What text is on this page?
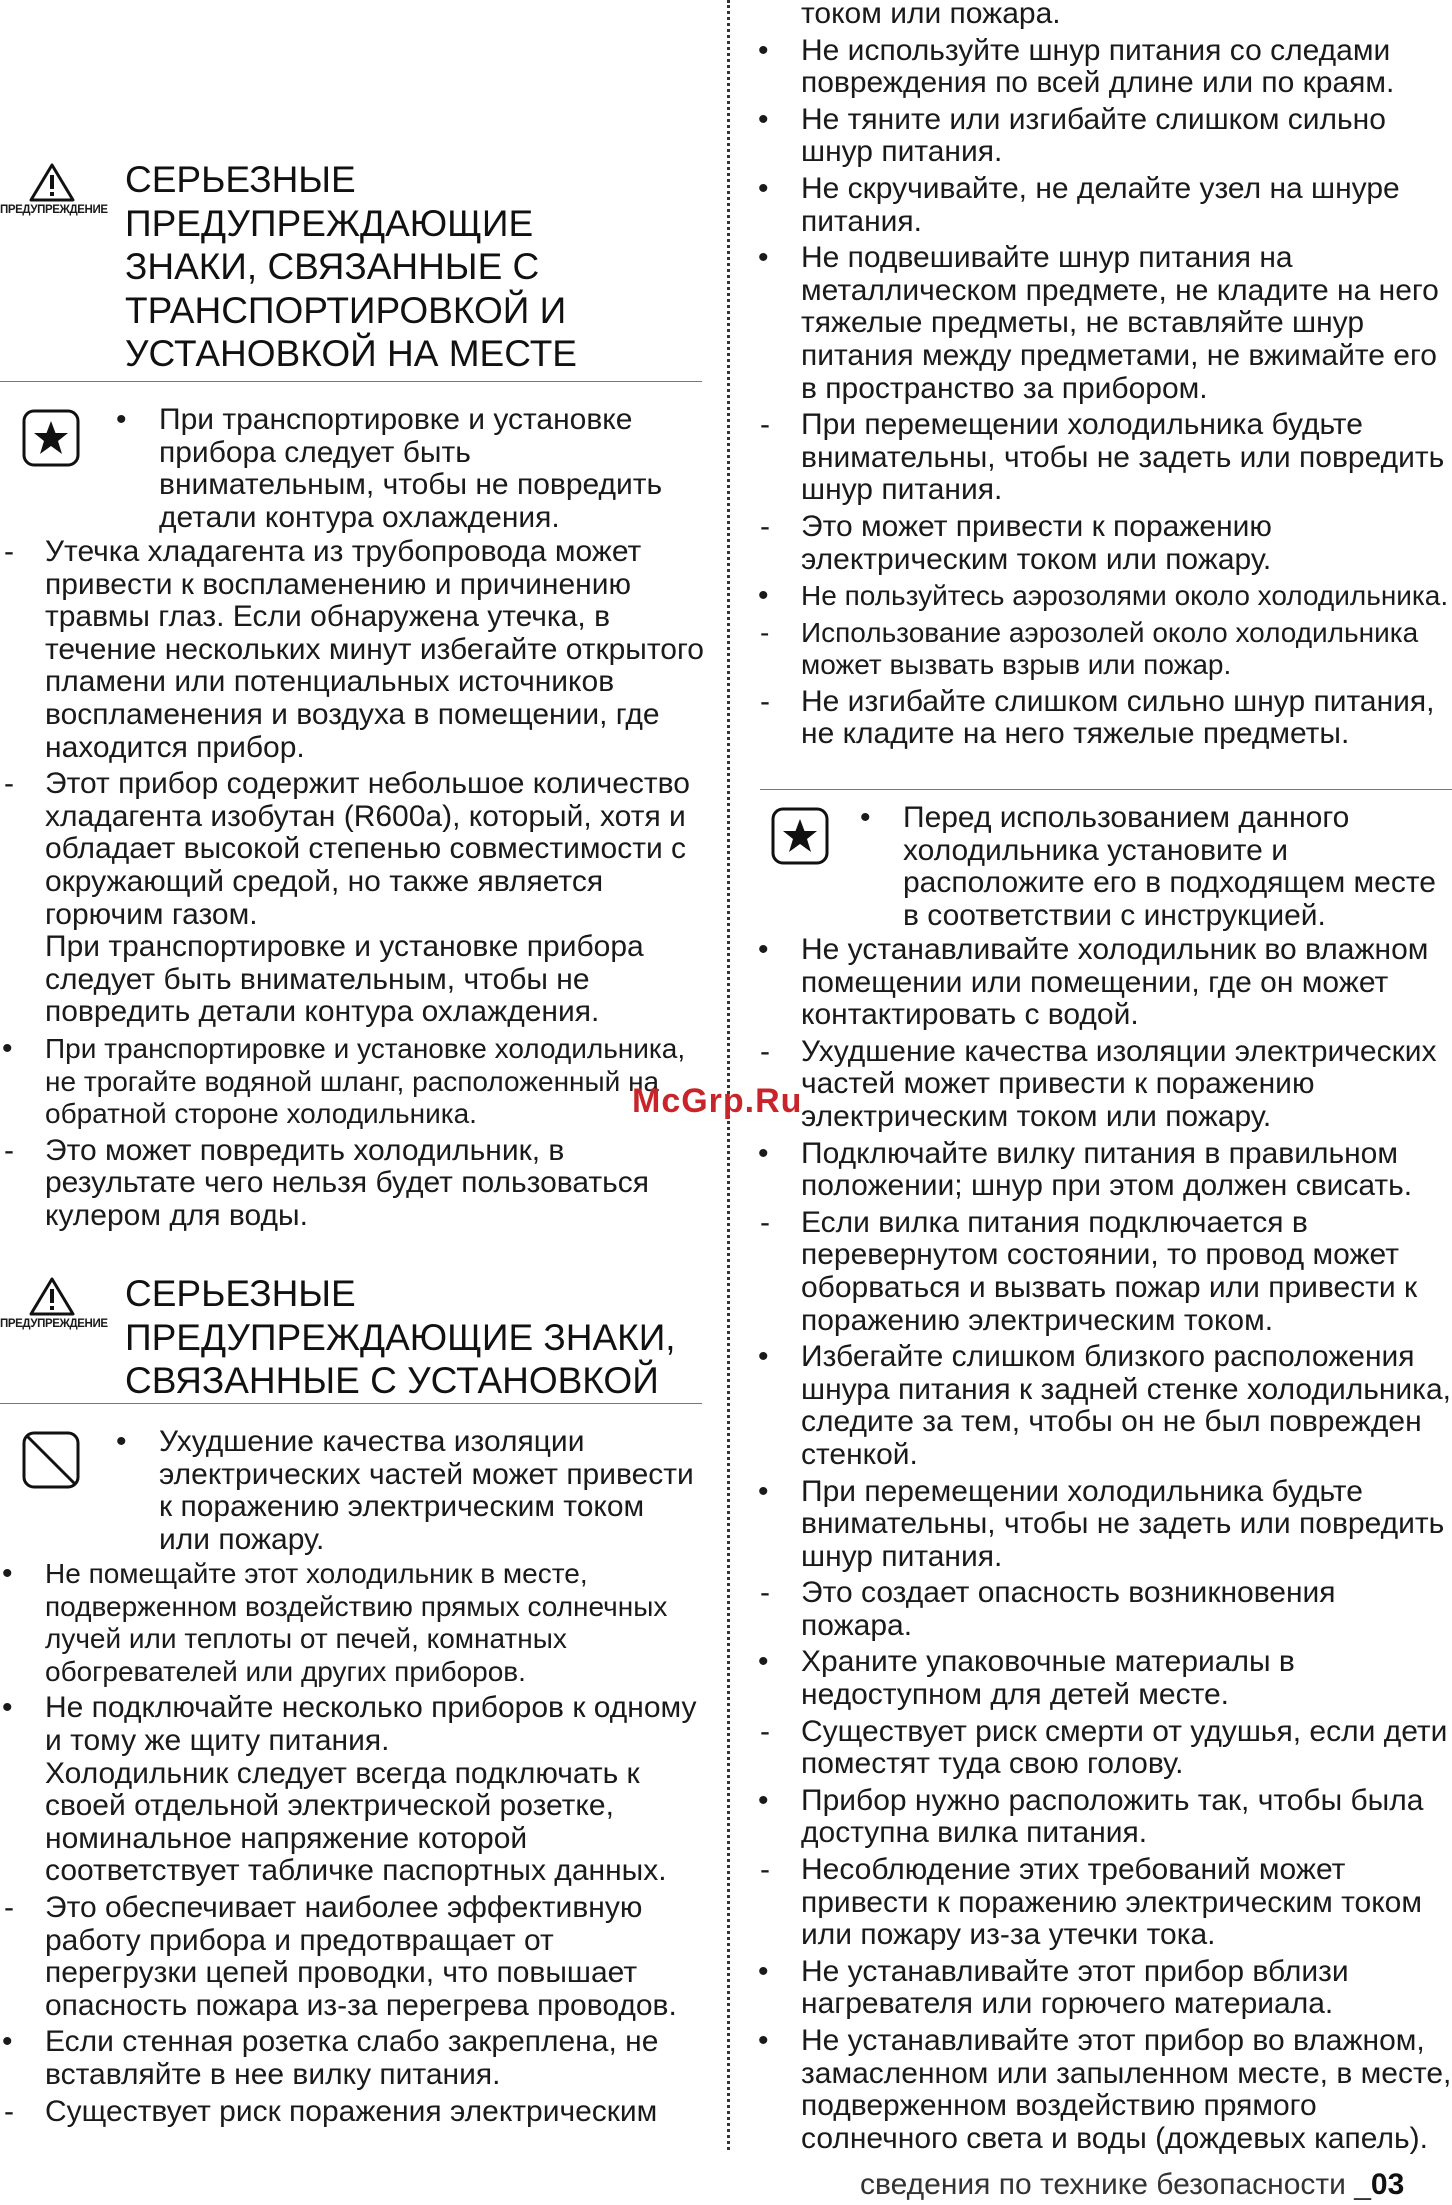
ПРЕДУПРЕЖДЕНИЕ
СЕРЬЕЗНЫЕ
ПРЕДУПРЕЖДАЮЩИЕ
ЗНАКИ, СВЯЗАННЫЕ С
ТРАНСПОРТИРОВКОЙ И
УСТАНОВКОЙ НА МЕСТЕ

• При транспортировке и установке прибора следует быть внимательным, чтобы не повредить детали контура охлаждения.

- Утечка хладагента из трубопровода может привести к воспламенению и причинению травмы глаз. Если обнаружена утечка, в течение нескольких минут избегайте открытого пламени или потенциальных источников воспламенения и воздуха в помещении, где находится прибор.

- Этот прибор содержит небольшое количество хладагента изобутан (R600a), который, хотя и обладает высокой степенью совместимости с окружающий средой, но также является горючим газом.

При транспортировке и установке прибора следует быть внимательным, чтобы не повредить детали контура охлаждения.

• При транспортировке и установке холодильника, не трогайте водяной шланг, расположенный на обратной стороне холодильника.

- Это может повредить холодильник, в результате чего нельзя будет пользоваться кулером для воды.

ПРЕДУПРЕЖДЕНИЕ
СЕРЬЕЗНЫЕ
ПРЕДУПРЕЖДАЮЩИЕ ЗНАКИ,
СВЯЗАННЫЕ С УСТАНОВКОЙ

• Ухудшение качества изоляции электрических частей может привести к поражению электрическим током или пожару.

• Не помещайте этот холодильник в месте, подверженном воздействию прямых солнечных лучей или теплоты от печей, комнатных обогревателей или других приборов.

• Не подключайте несколько приборов к одному и тому же щиту питания.

Холодильник следует всегда подключать к своей отдельной электрической розетке, номинальное напряжение которой соответствует табличке паспортных данных.

- Это обеспечивает наиболее эффективную работу прибора и предотвращает от перегрузки цепей проводки, что повышает опасность пожара из-за перегрева проводов.

• Если стенная розетка слабо закреплена, не вставляйте в нее вилку питания.

- Существует риск поражения электрическим

током или пожара.

• Не используйте шнур питания со следами повреждения по всей длине или по краям.

• Не тяните или изгибайте слишком сильно шнур питания.

• Не скручивайте, не делайте узел на шнуре питания.

• Не подвешивайте шнур питания на металлическом предмете, не кладите на него тяжелые предметы, не вставляйте шнур питания между предметами, не вжимайте его в пространство за прибором.

- При перемещении холодильника будьте внимательны, чтобы не задеть или повредить шнур питания.

- Это может привести к поражению электрическим током или пожару.

• Не пользуйтесь аэрозолями около холодильника.

- Использование аэрозолей около холодильника может вызвать взрыв или пожар.

- Не изгибайте слишком сильно шнур питания, не кладите на него тяжелые предметы.

• Перед использованием данного холодильника установите и расположите его в подходящем месте в соответствии с инструкцией.

• Не устанавливайте холодильник во влажном помещении или помещении, где он может контактировать с водой.

- Ухудшение качества изоляции электрических частей может привести к поражению электрическим током или пожару.

• Подключайте вилку питания в правильном положении; шнур при этом должен свисать.

- Если вилка питания подключается в перевернутом состоянии, то провод может оборваться и вызвать пожар или привести к поражению электрическим током.

• Избегайте слишком близкого расположения шнура питания к задней стенке холодильника, следите за тем, чтобы он не был поврежден стенкой.

• При перемещении холодильника будьте внимательны, чтобы не задеть или повредить шнур питания.

- Это создает опасность возникновения пожара.

• Храните упаковочные материалы в недоступном для детей месте.

- Существует риск смерти от удушья, если дети поместят туда свою голову.

• Прибор нужно расположить так, чтобы была доступна вилка питания.

- Несоблюдение этих требований может привести к поражению электрическим током или пожару из-за утечки тока.

• Не устанавливайте этот прибор вблизи нагревателя или горючего материала.

• Не устанавливайте этот прибор во влажном, замасленном или запыленном месте, в месте, подверженном воздействию прямого солнечного света и воды (дождевых капель).

McGrp.Ru
сведения по технике безопасности _03
